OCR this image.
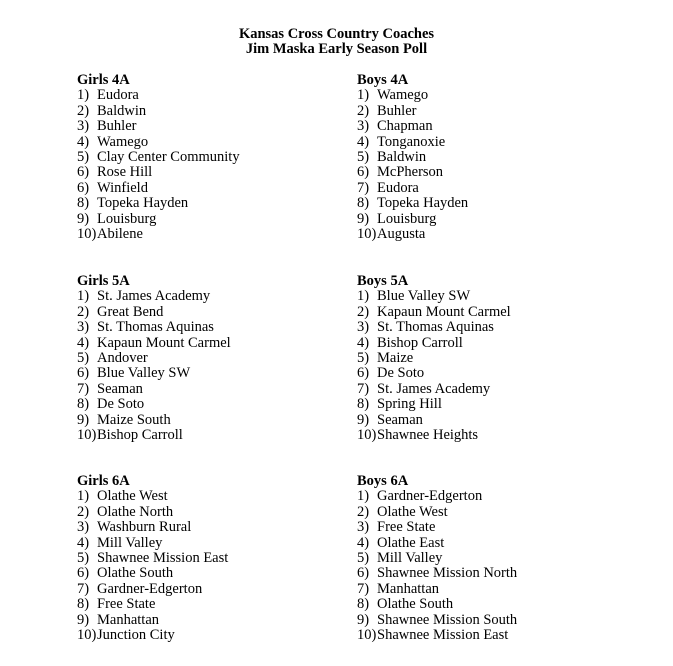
Kansas Cross Country Coaches
Jim Maska Early Season Poll
Girls 4A
1) Eudora
2) Baldwin
3) Buhler
4) Wamego
5) Clay Center Community
6) Rose Hill
6) Winfield
8) Topeka Hayden
9) Louisburg
10)Abilene
Boys 4A
1) Wamego
2) Buhler
3) Chapman
4) Tonganoxie
5) Baldwin
6) McPherson
7) Eudora
8) Topeka Hayden
9) Louisburg
10)Augusta
Girls 5A
1) St. James Academy
2) Great Bend
3) St. Thomas Aquinas
4) Kapaun Mount Carmel
5) Andover
6) Blue Valley SW
7) Seaman
8) De Soto
9) Maize South
10)Bishop Carroll
Boys 5A
1) Blue Valley SW
2) Kapaun Mount Carmel
3) St. Thomas Aquinas
4) Bishop Carroll
5) Maize
6) De Soto
7) St. James Academy
8) Spring Hill
9) Seaman
10)Shawnee Heights
Girls 6A
1) Olathe West
2) Olathe North
3) Washburn Rural
4) Mill Valley
5) Shawnee Mission East
6) Olathe South
7) Gardner-Edgerton
8) Free State
9) Manhattan
10)Junction City
Boys 6A
1) Gardner-Edgerton
2) Olathe West
3) Free State
4) Olathe East
5) Mill Valley
6) Shawnee Mission North
7) Manhattan
8) Olathe South
9) Shawnee Mission South
10)Shawnee Mission East
